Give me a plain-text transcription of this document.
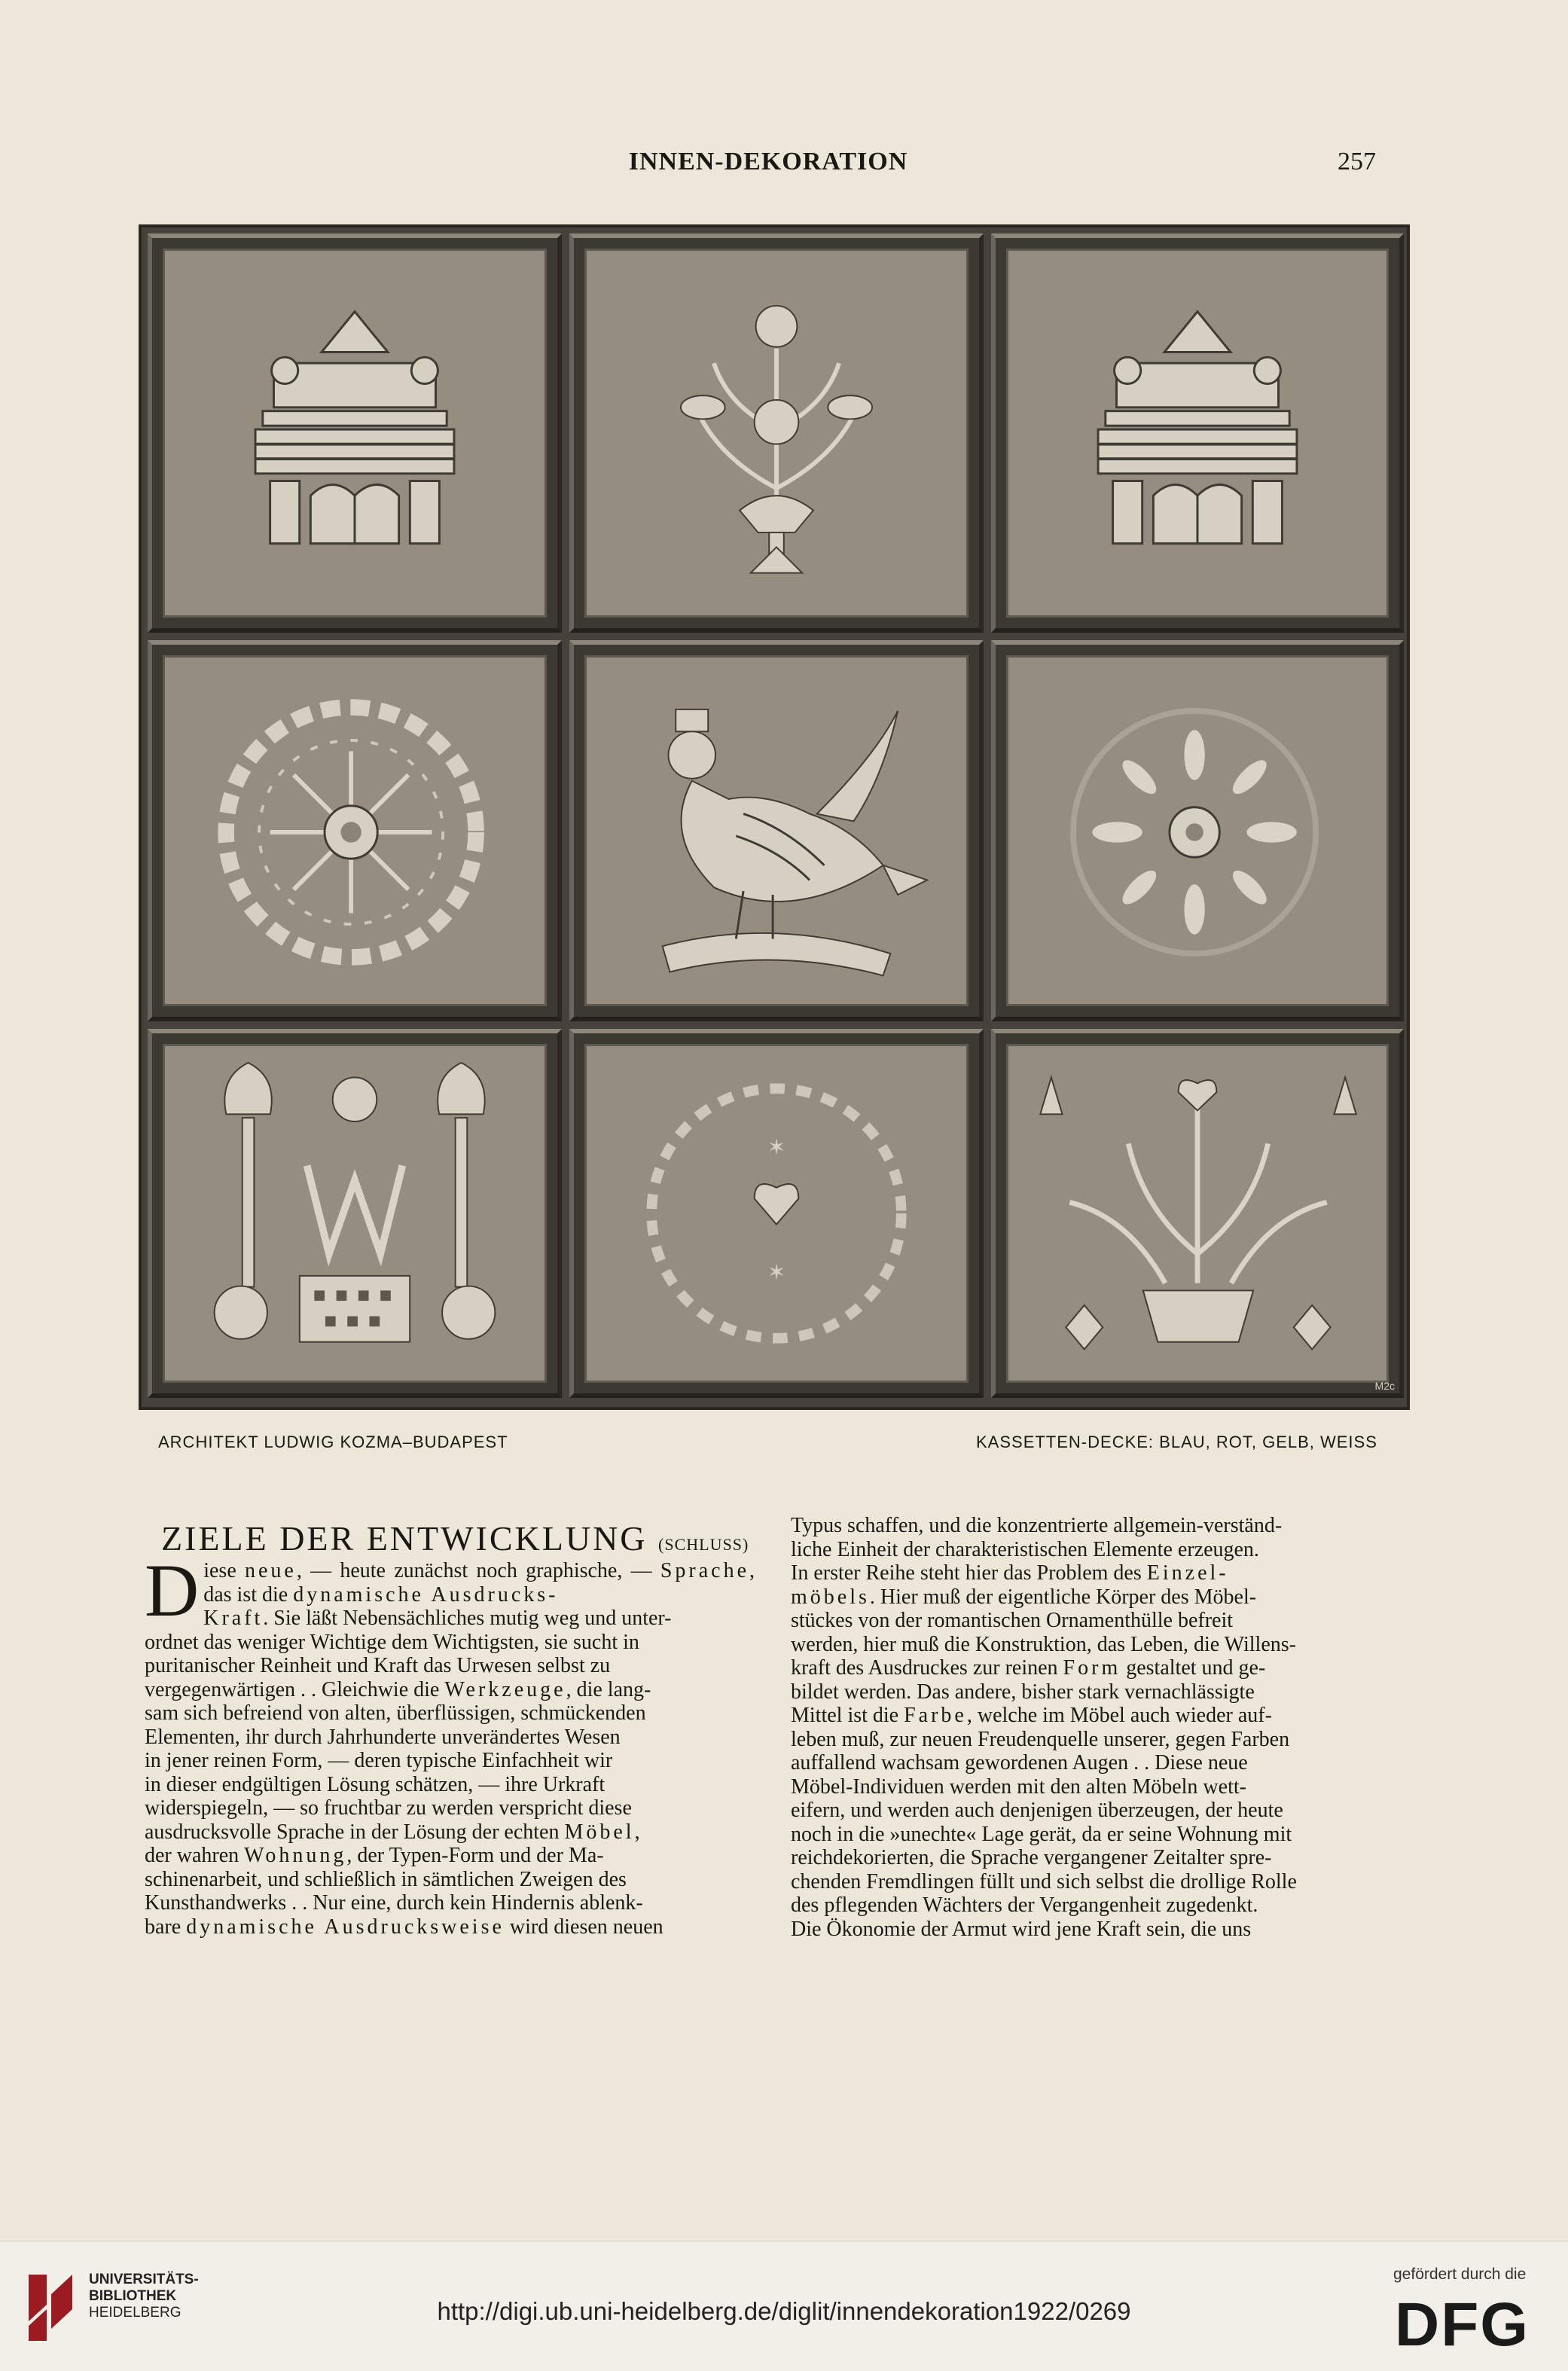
INNEN-DEKORATION	257
✶
✶
M2c
ARCHITEKT LUDWIG KOZMA–BUDAPEST	KASSETTEN-DECKE: BLAU, ROT, GELB, WEISS
ZIELE DER ENTWICKLUNG (SCHLUSS)

Diese neue, — heute zunächst noch graphische, — Sprache, das ist die dynamische Ausdrucks-

Kraft. Sie läßt Nebensächliches mutig weg und unter-

ordnet das weniger Wichtige dem Wichtigsten, sie sucht in

puritanischer Reinheit und Kraft das Urwesen selbst zu

vergegenwärtigen . . Gleichwie die Werkzeuge, die lang-

sam sich befreiend von alten, überflüssigen, schmückenden

Elementen, ihr durch Jahrhunderte unverändertes Wesen

in jener reinen Form, — deren typische Einfachheit wir

in dieser endgültigen Lösung schätzen, — ihre Urkraft

widerspiegeln, — so fruchtbar zu werden verspricht diese

ausdrucksvolle Sprache in der Lösung der echten Möbel,

der wahren Wohnung, der Typen-Form und der Ma-

schinenarbeit, und schließlich in sämtlichen Zweigen des

Kunsthandwerks . . Nur eine, durch kein Hindernis ablenk-

bare dynamische Ausdrucksweise wird diesen neuen

Typus schaffen, und die konzentrierte allgemein-verständ-

liche Einheit der charakteristischen Elemente erzeugen.

In erster Reihe steht hier das Problem des Einzel-

möbels. Hier muß der eigentliche Körper des Möbel-

stückes von der romantischen Ornamenthülle befreit

werden, hier muß die Konstruktion, das Leben, die Willens-

kraft des Ausdruckes zur reinen Form gestaltet und ge-

bildet werden. Das andere, bisher stark vernachlässigte

Mittel ist die Farbe, welche im Möbel auch wieder auf-

leben muß, zur neuen Freudenquelle unserer, gegen Farben

auffallend wachsam gewordenen Augen . . Diese neue

Möbel-Individuen werden mit den alten Möbeln wett-

eifern, und werden auch denjenigen überzeugen, der heute

noch in die »unechte« Lage gerät, da er seine Wohnung mit

reichdekorierten, die Sprache vergangener Zeitalter spre-

chenden Fremdlingen füllt und sich selbst die drollige Rolle

des pflegenden Wächters der Vergangenheit zugedenkt.

Die Ökonomie der Armut wird jene Kraft sein, die uns

UNIVERSITÄTS-
BIBLIOTHEK
HEIDELBERG	http://digi.ub.uni-heidelberg.de/diglit/innendekoration1922/0269
gefördert durch die
DFG
